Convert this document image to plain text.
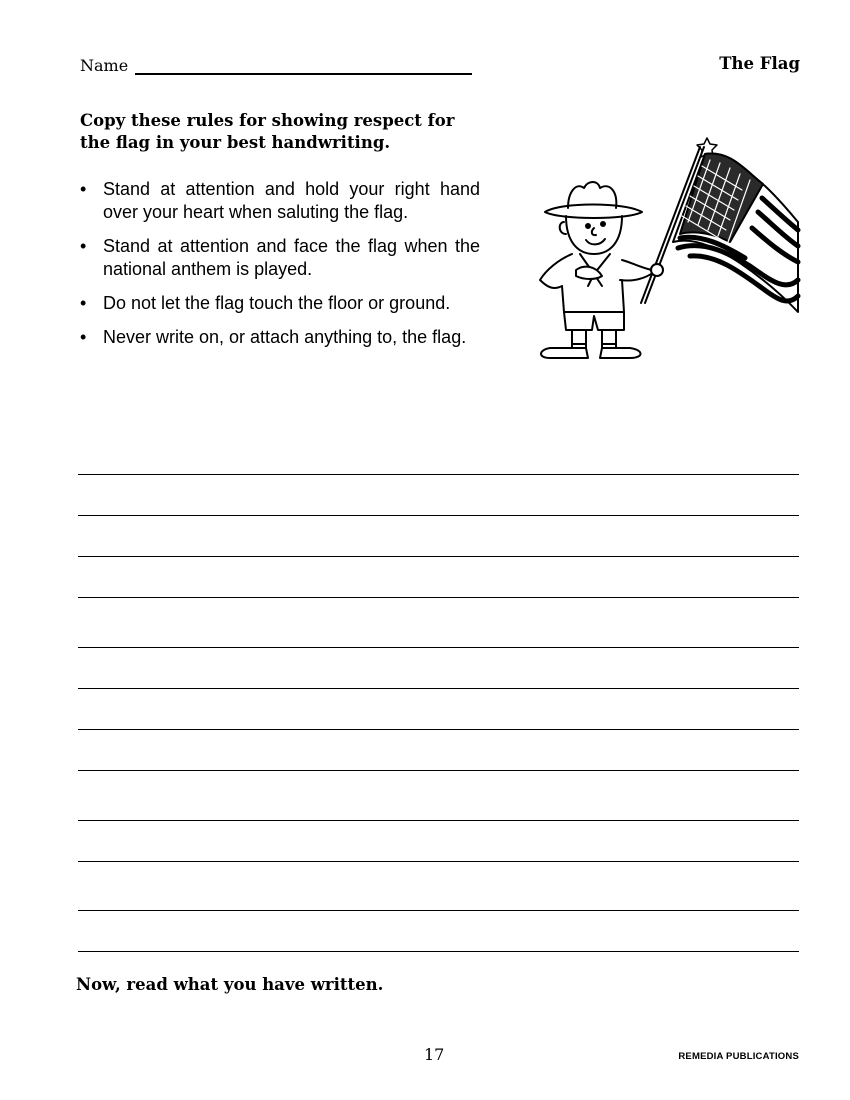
Name	The Flag
Copy these rules for showing respect for the flag in your best handwriting.
• Stand at attention and hold your right hand over your heart when saluting the flag.
• Stand at attention and face the flag when the national anthem is played.
• Do not let the flag touch the floor or ground.
• Never write on, or attach anything to, the flag.
Now, read what you have written.
17	REMEDIA PUBLICATIONS
